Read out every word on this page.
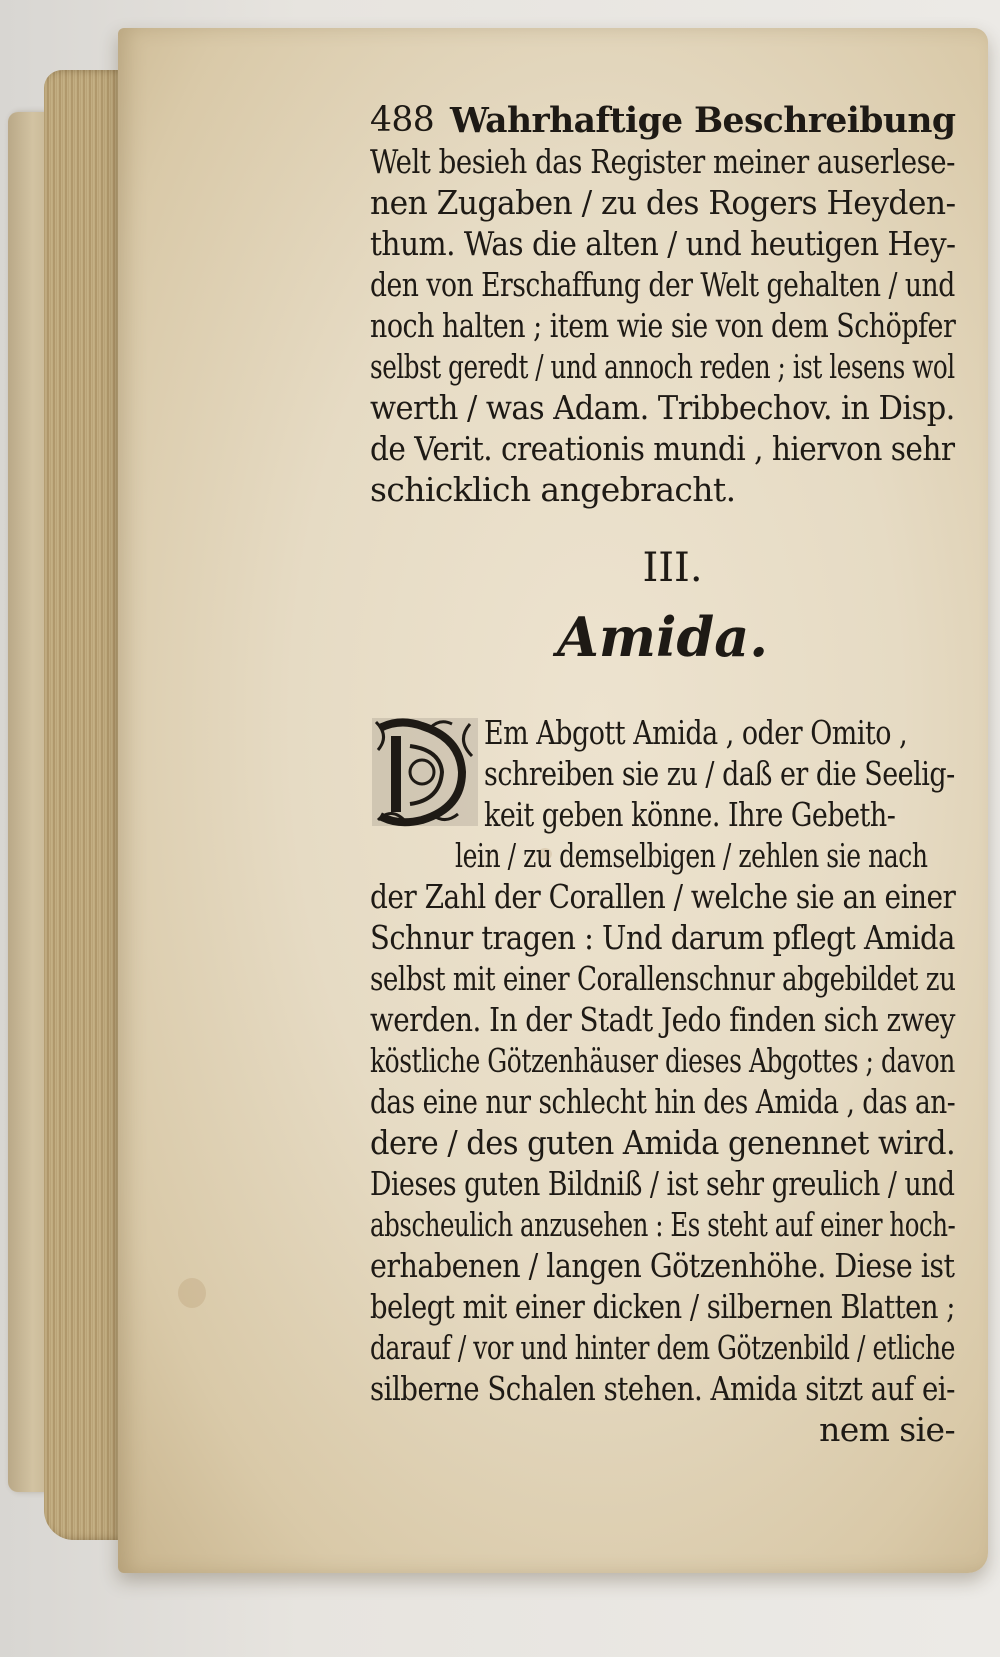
488 Wahrhaftige Beschreibung
Welt besieh das Register meiner auserlese-
nen Zugaben / zu des Rogers Heyden-
thum. Was die alten / und heutigen Hey-
den von Erschaffung der Welt gehalten / und
noch halten ; item wie sie von dem Schöpfer
selbst geredt / und annoch reden ; ist lesens wol
werth / was Adam. Tribbechov. in Disp.
de Verit. creationis mundi , hiervon sehr
schicklich angebracht.
III.
Amida.
Em Abgott Amida , oder Omito ,
schreiben sie zu / daß er die Seelig-
keit geben könne. Ihre Gebeth-
lein / zu demselbigen / zehlen sie nach
der Zahl der Corallen / welche sie an einer
Schnur tragen : Und darum pflegt Amida
selbst mit einer Corallenschnur abgebildet zu
werden. In der Stadt Jedo finden sich zwey
köstliche Götzenhäuser dieses Abgottes ; davon
das eine nur schlecht hin des Amida , das an-
dere / des guten Amida genennet wird.
Dieses guten Bildniß / ist sehr greulich / und
abscheulich anzusehen : Es steht auf einer hoch-
erhabenen / langen Götzenhöhe. Diese ist
belegt mit einer dicken / silbernen Blatten ;
darauf / vor und hinter dem Götzenbild / etliche
silberne Schalen stehen. Amida sitzt auf ei-
nem sie-
